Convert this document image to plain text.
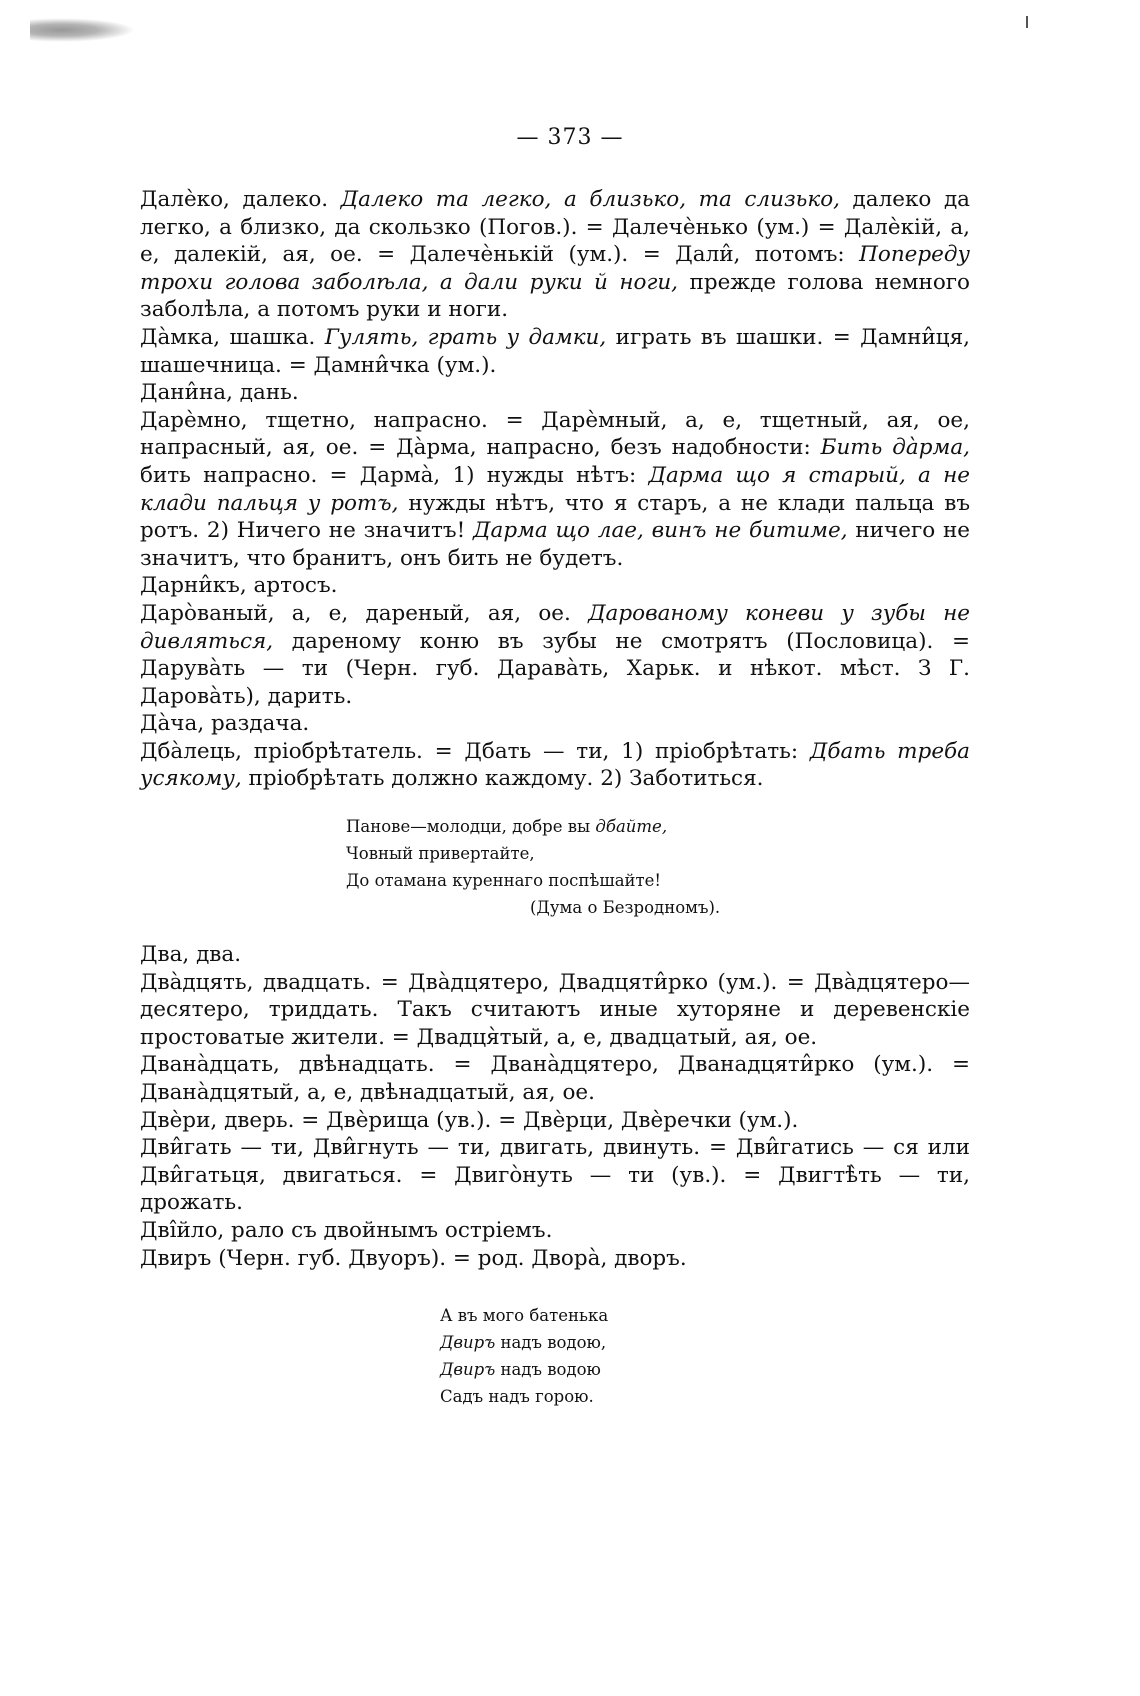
— 373 —

Далѐко, далеко. Далеко та легко, а близько, та слизько, далеко да легко, а близко, да скользко (Погов.). = Далечѐнько (ум.) = Далѐкій, а, е, далекій, ая, ое. = Далечѐнькій (ум.). = Дали̂, потомъ: Попереду трохи голова заболѣла, а дали руки й ноги, прежде голова немного заболѣла, а потомъ руки и ноги.

Да̀мка, шашка. Гулять, грать у дамки, играть въ шашки. = Дамни̂ця, шашечница. = Дамни̂чка (ум.).

Дани̂на, дань.

Дарѐмно, тщетно, напрасно. = Дарѐмный, а, е, тщетный, ая, ое, напрасный, ая, ое. = Да̀рма, напрасно, безъ надобности: Бить да̀рма, бить напрасно. = Дарма̀, 1) нужды нѣтъ: Дарма що я старый, а не клади пальця у ротъ, нужды нѣтъ, что я старъ, а не клади пальца въ ротъ. 2) Ничего не значитъ! Дарма що лае, винъ не битиме, ничего не значитъ, что бранитъ, онъ бить не будетъ.

Дарни̂къ, артосъ.

Даро̀ваный, а, е, дареный, ая, ое. Дарованому коневи у зубы не дивляться, дареному коню въ зубы не смотрятъ (Пословица). = Дарува̀ть — ти (Черн. губ. Дарава̀ть, Харьк. и нѣкот. мѣст. З Г. Дарова̀ть), дарить.

Да̀ча, раздача.

Дба̀лець, пріобрѣтатель. = Дбать — ти, 1) пріобрѣтать: Дбать треба усякому, пріобрѣтать должно каждому. 2) Заботиться.

Два, два.

Два̀дцять, двадцать. = Два̀дцятеро, Двадцяти̂рко (ум.). = Два̀дцятеро—десятеро, триддать. Такъ считаютъ иные хуторяне и деревенскіе простоватые жители. = Двадця̀тый, а, е, двадцатый, ая, ое.

Двана̀дцать, двѣнадцать. = Двана̀дцятеро, Двaнадцяти̂рко (ум.). = Двана̀дцятый, а, е, двѣнадцатый, ая, ое.

Двѐри, дверь. = Двѐрища (ув.). = Двѐрци, Двѐречки (ум.).

Дви̂гать — ти, Дви̂гнуть — ти, двигать, двинуть. = Дви̂гатись — ся или Дви̂гатьця, двигаться. = Двиго̀нуть — ти (ув.). = Двигтѣ̀ть — ти, дрожать.

Двîйло, рало съ двойнымъ остріемъ.

Двиръ (Черн. губ. Двуоръ). = род. Двора̀, дворъ.

Панове—молодци, добре вы дбайте,
Човный привертайте,
До отамана куреннаго поспѣшайте!
(Дума о Безродномъ).
А въ мого батенька
Двиръ надъ водою,
Двиръ надъ водою
Садъ надъ горою.
